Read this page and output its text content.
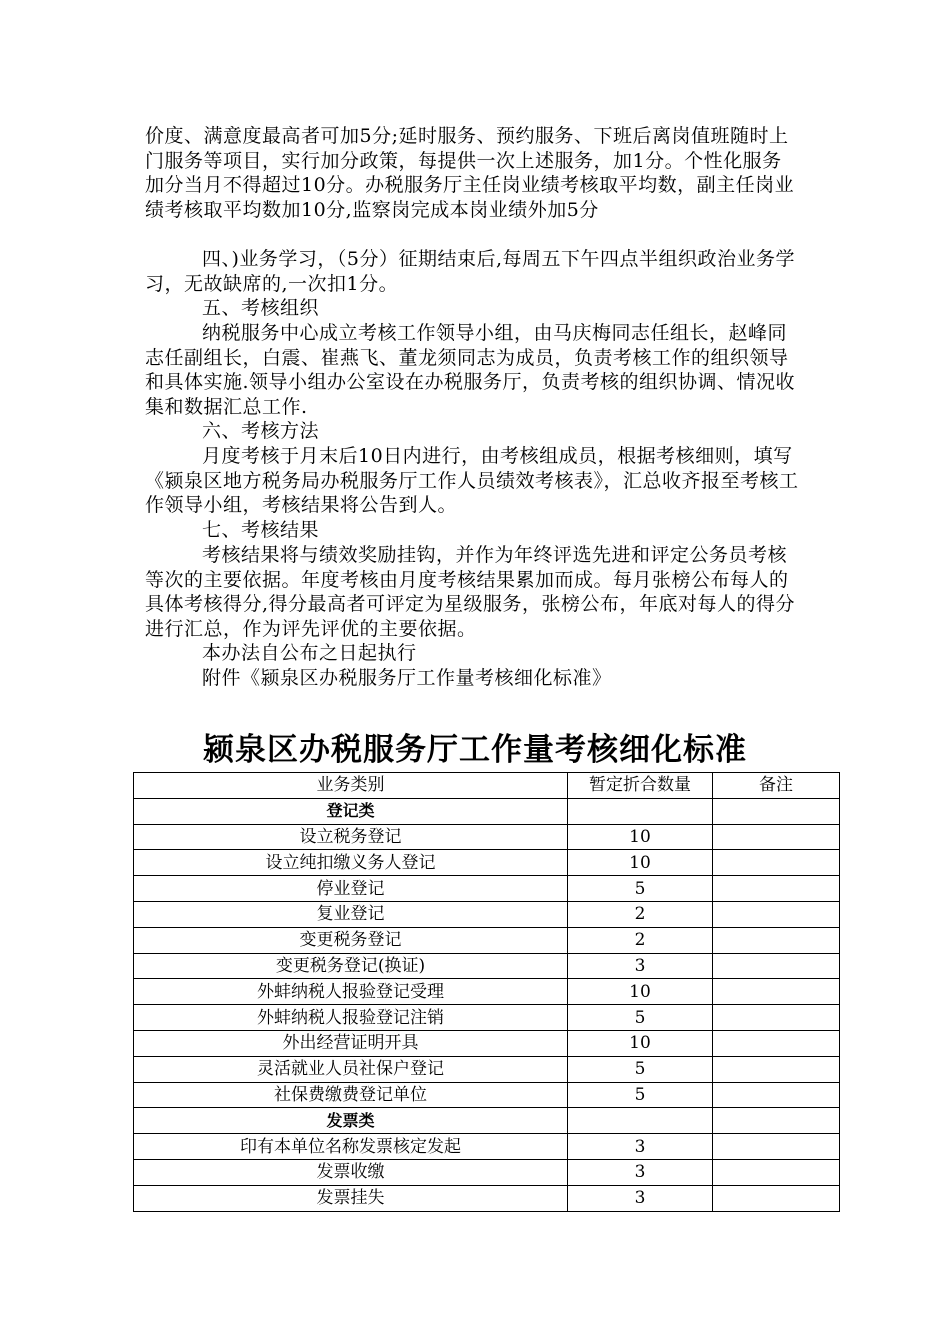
价度、满意度最高者可加5分;延时服务、预约服务、下班后离岗值班随时上门服务等项目，实行加分政策，每提供一次上述服务，加1分。个性化服务加分当月不得超过10分。办税服务厅主任岗业绩考核取平均数，副主任岗业绩考核取平均数加10分,监察岗完成本岗业绩外加5分

四、)业务学习，（5分）征期结束后,每周五下午四点半组织政治业务学习，无故缺席的,一次扣1分。

五、考核组织

纳税服务中心成立考核工作领导小组，由马庆梅同志任组长，赵峰同志任副组长，白震、崔燕飞、董龙须同志为成员，负责考核工作的组织领导和具体实施.领导小组办公室设在办税服务厅，负责考核的组织协调、情况收集和数据汇总工作.

六、考核方法

月度考核于月末后10日内进行，由考核组成员，根据考核细则，填写《颍泉区地方税务局办税服务厅工作人员绩效考核表》，汇总收齐报至考核工作领导小组，考核结果将公告到人。

七、考核结果

考核结果将与绩效奖励挂钩，并作为年终评选先进和评定公务员考核等次的主要依据。年度考核由月度考核结果累加而成。每月张榜公布每人的具体考核得分,得分最高者可评定为星级服务，张榜公布，年底对每人的得分进行汇总，作为评先评优的主要依据。

本办法自公布之日起执行

附件《颍泉区办税服务厅工作量考核细化标准》

颍泉区办税服务厅工作量考核细化标准
业务类别	暂定折合数量	备注
登记类		
设立税务登记	10	
设立纯扣缴义务人登记	10	
停业登记	5	
复业登记	2	
变更税务登记	2	
变更税务登记(换证)	3	
外蚌纳税人报验登记受理	10	
外蚌纳税人报验登记注销	5	
外出经营证明开具	10	
灵活就业人员社保户登记	5	
社保费缴费登记单位	5	
发票类		
印有本单位名称发票核定发起	3	
发票收缴	3	
发票挂失	3	
